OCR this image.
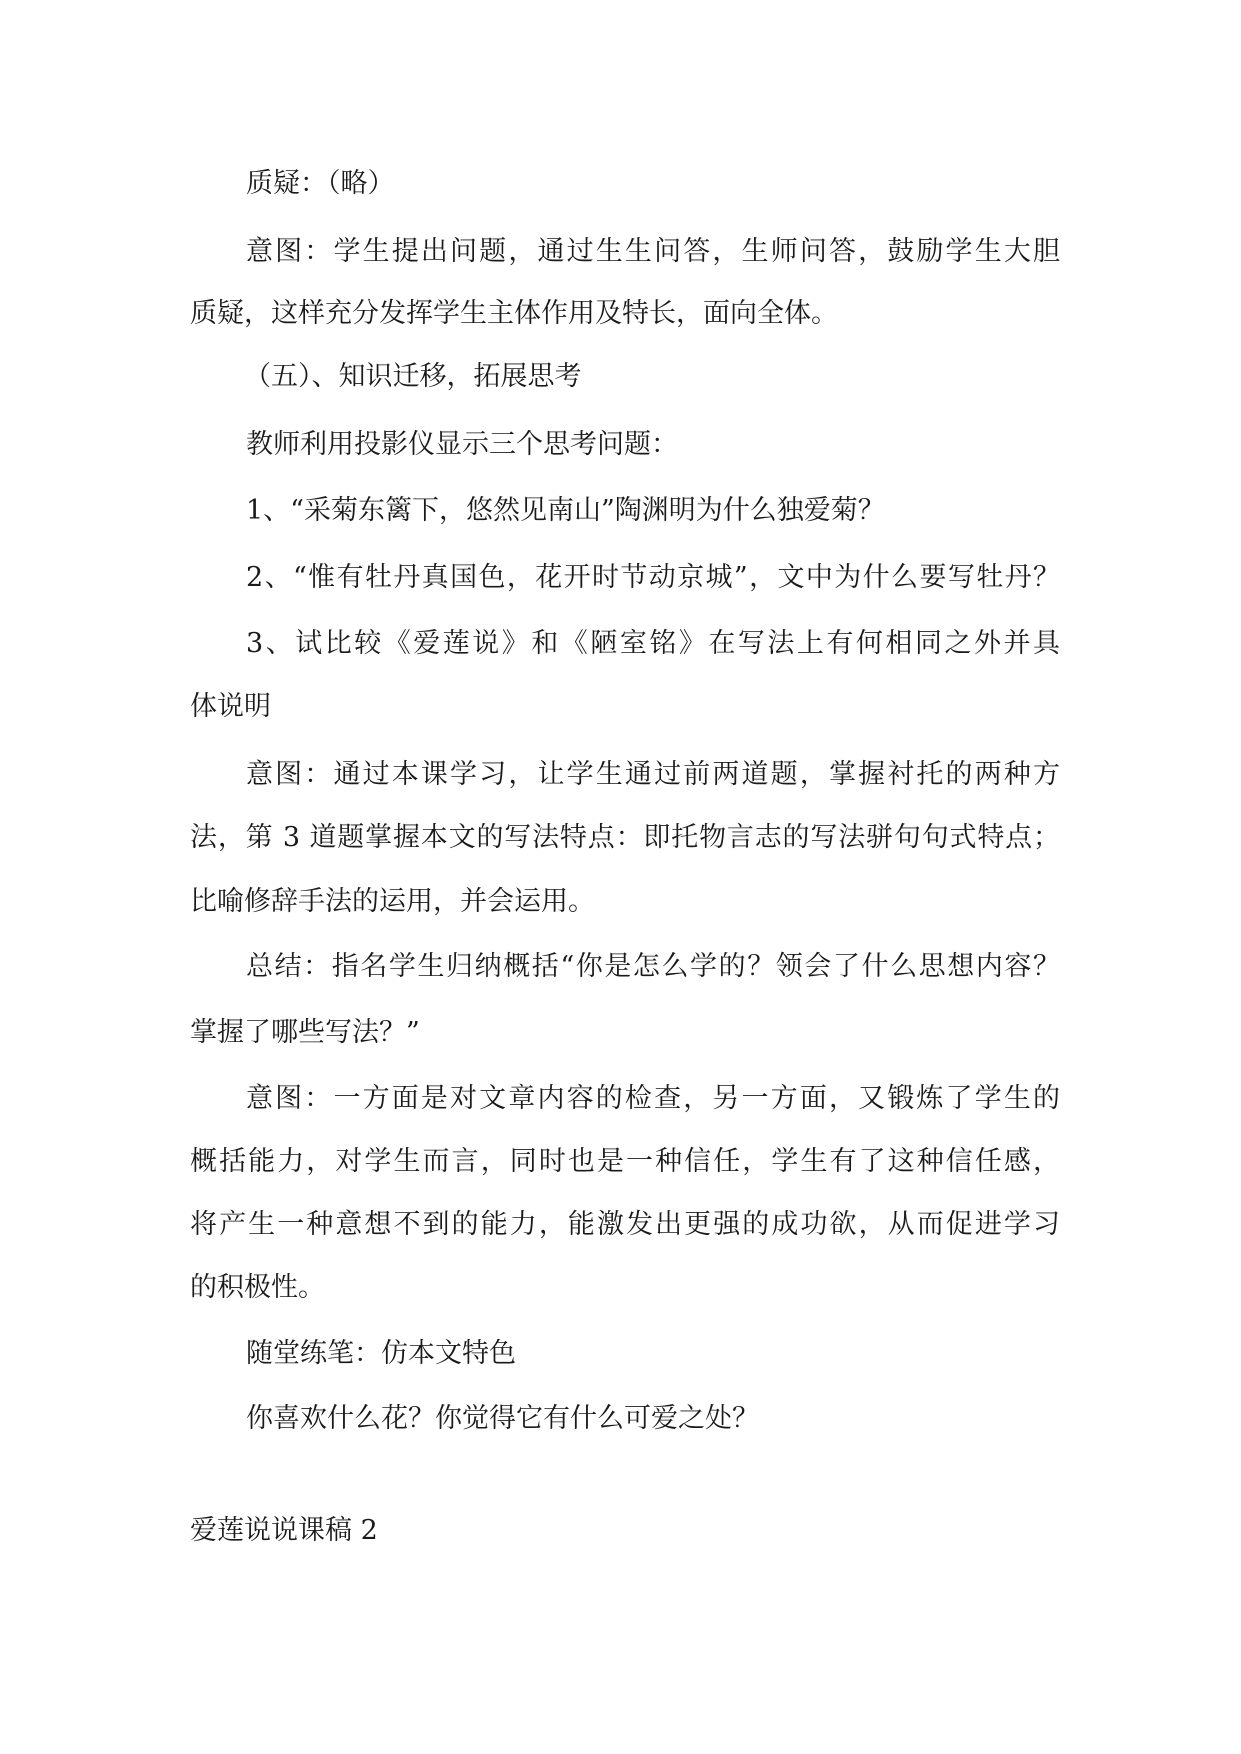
质疑：（略）
意图：学生提出问题，通过生生问答，生师问答，鼓励学生大胆
质疑，这样充分发挥学生主体作用及特长，面向全体。
（五）、知识迁移，拓展思考
教师利用投影仪显示三个思考问题：
1、“采菊东篱下，悠然见南山”陶渊明为什么独爱菊？
2、“惟有牡丹真国色，花开时节动京城”，文中为什么要写牡丹？
3、试比较《爱莲说》和《陋室铭》在写法上有何相同之外并具
体说明
意图：通过本课学习，让学生通过前两道题，掌握衬托的两种方
法，第 3 道题掌握本文的写法特点：即托物言志的写法骈句句式特点；
比喻修辞手法的运用，并会运用。
总结：指名学生归纳概括“你是怎么学的？领会了什么思想内容？
掌握了哪些写法？”
意图：一方面是对文章内容的检查，另一方面，又锻炼了学生的
概括能力，对学生而言，同时也是一种信任，学生有了这种信任感，
将产生一种意想不到的能力，能激发出更强的成功欲，从而促进学习
的积极性。
随堂练笔：仿本文特色
你喜欢什么花？你觉得它有什么可爱之处？
爱莲说说课稿 2
